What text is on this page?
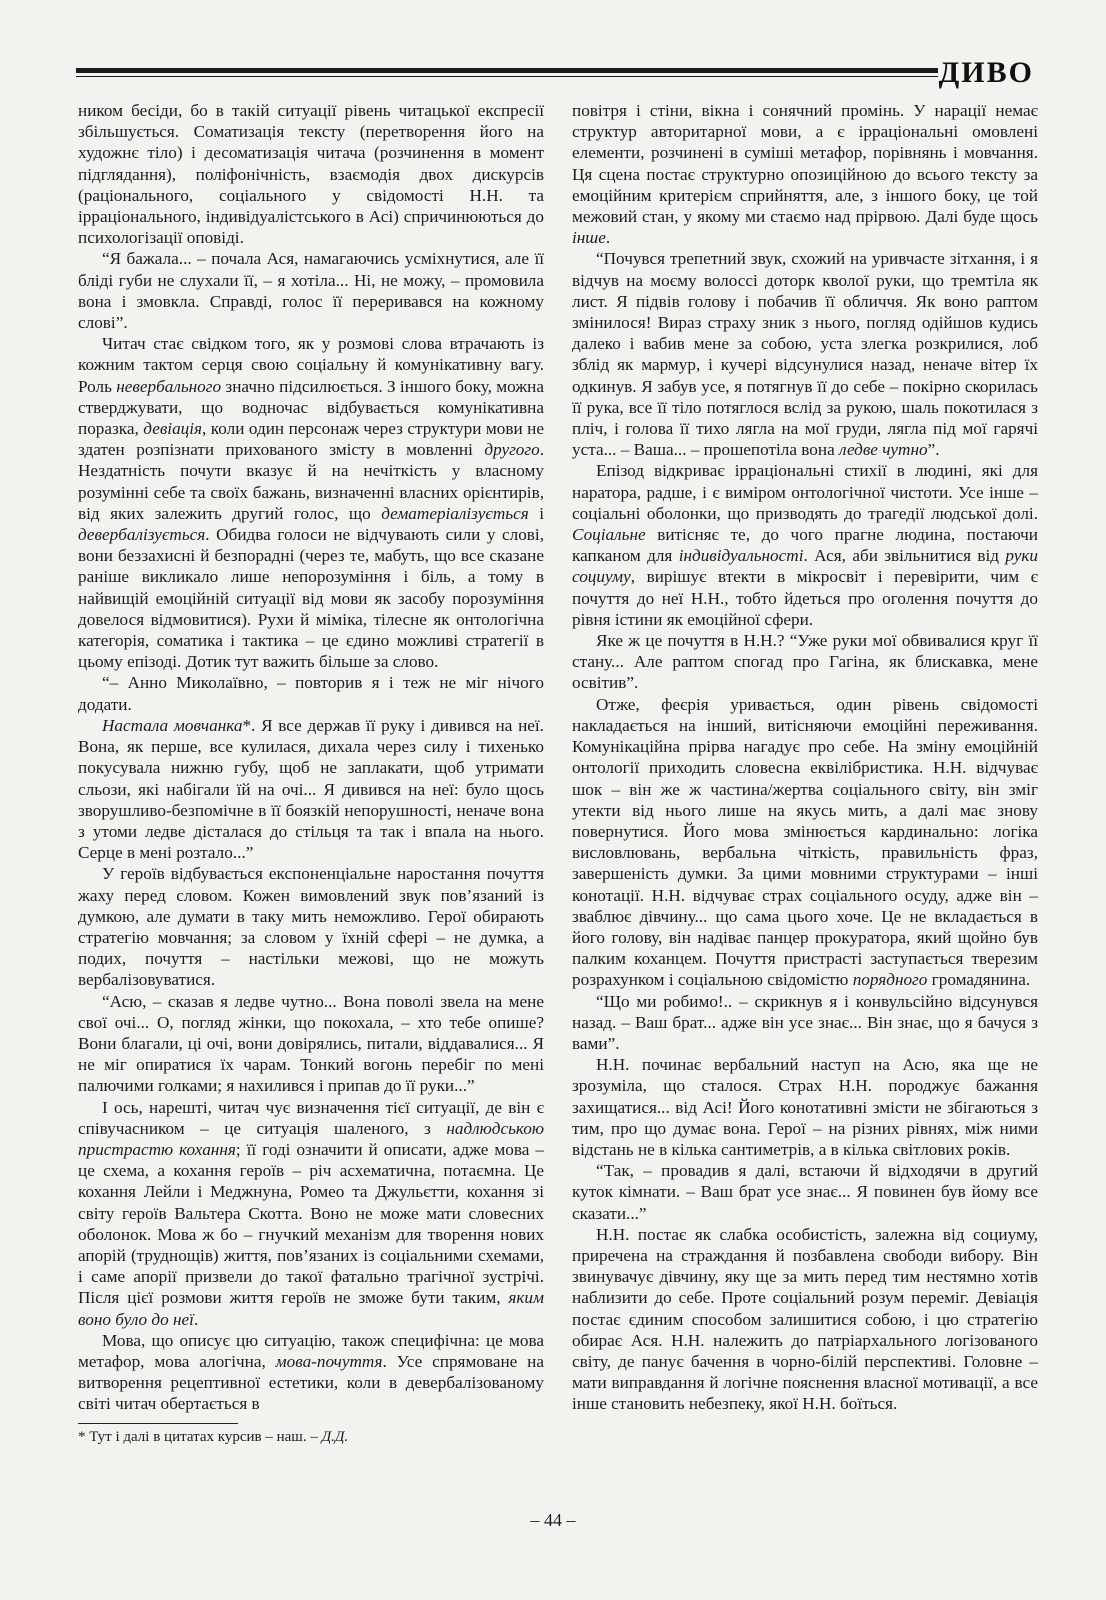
ДИВО

ником бесіди, бо в такій ситуації рівень читацької експресії збільшується. Соматизація тексту (перетворення його на художнє тіло) і десоматизація читача (розчинення в момент підглядання), поліфонічність, взаємодія двох дискурсів (раціонального, соціального у свідомості Н.Н. та ірраціонального, індивідуалістського в Асі) спричинюються до психологізації оповіді.

“Я бажала... – почала Ася, намагаючись усміхнутися, але її бліді губи не слухали її, – я хотіла... Ні, не можу, – промовила вона і змовкла. Справді, голос її переривався на кожному слові”.

Читач стає свідком того, як у розмові слова втрачають із кожним тактом серця свою соціальну й комунікативну вагу. Роль невербального значно підсилюється. З іншого боку, можна стверджувати, що водночас відбувається комунікативна поразка, девіація, коли один персонаж через структури мови не здатен розпізнати прихованого змісту в мовленні другого. Нездатність почути вказує й на нечіткість у власному розумінні себе та своїх бажань, визначенні власних орієнтирів, від яких залежить другий голос, що дематеріалізується і девербалізується. Обидва голоси не відчувають сили у слові, вони беззахисні й безпорадні (через те, мабуть, що все сказане раніше викликало лише непорозуміння і біль, а тому в найвищій емоційній ситуації від мови як засобу порозуміння довелося відмовитися). Рухи й міміка, тілесне як онтологічна категорія, соматика і тактика – це єдино можливі стратегії в цьому епізоді. Дотик тут важить більше за слово.

“– Анно Миколаївно, – повторив я і теж не міг нічого додати.

Настала мовчанка*. Я все держав її руку і дивився на неї. Вона, як перше, все кулилася, дихала через силу і тихенько покусувала нижню губу, щоб не заплакати, щоб утримати сльози, які набігали їй на очі... Я дивився на неї: було щось зворушливо-безпомічне в її боязкій непорушності, неначе вона з утоми ледве дісталася до стільця та так і впала на нього. Серце в мені розтало...”

У героїв відбувається експоненціальне наростання почуття жаху перед словом. Кожен вимовлений звук пов’язаний із думкою, але думати в таку мить неможливо. Герої обирають стратегію мовчання; за словом у їхній сфері – не думка, а подих, почуття – настільки межові, що не можуть вербалізовуватися.

“Асю, – сказав я ледве чутно... Вона поволі звела на мене свої очі... О, погляд жінки, що покохала, – хто тебе опише? Вони благали, ці очі, вони довірялись, питали, віддавалися... Я не міг опиратися їх чарам. Тонкий вогонь перебіг по мені палючими голками; я нахилився і припав до її руки...”

І ось, нарешті, читач чує визначення тієї ситуації, де він є співучасником – це ситуація шаленого, з надлюдською пристрастю кохання; її годі означити й описати, адже мова – це схема, а кохання героїв – річ асхематична, потаємна. Це кохання Лейли і Меджнуна, Ромео та Джульєтти, кохання зі світу героїв Вальтера Скотта. Воно не може мати словесних оболонок. Мова ж бо – гнучкий механізм для творення нових апорій (труднощів) життя, пов’язаних із соціальними схемами, і саме апорії призвели до такої фатально трагічної зустрічі. Після цієї розмови життя героїв не зможе бути таким, яким воно було до неї.

Мова, що описує цю ситуацію, також специфічна: це мова метафор, мова алогічна, мова-почуття. Усе спрямоване на витворення рецептивної естетики, коли в девербалізованому світі читач обертається в

* Тут і далі в цитатах курсив – наш. – Д.Д.

повітря і стіни, вікна і сонячний промінь. У нарації немає структур авторитарної мови, а є ірраціональні омовлені елементи, розчинені в суміші метафор, порівнянь і мовчання. Ця сцена постає структурно опозиційною до всього тексту за емоційним критерієм сприйняття, але, з іншого боку, це той межовий стан, у якому ми стаємо над прірвою. Далі буде щось інше.

“Почувся трепетний звук, схожий на уривчасте зітхання, і я відчув на моєму волоссі доторк кволої руки, що тремтіла як лист. Я підвів голову і побачив її обличчя. Як воно раптом змінилося! Вираз страху зник з нього, погляд одійшов кудись далеко і вабив мене за собою, уста злегка розкрилися, лоб зблід як мармур, і кучері відсунулися назад, неначе вітер їх одкинув. Я забув усе, я потягнув її до себе – покірно скорилась її рука, все її тіло потяглося вслід за рукою, шаль покотилася з пліч, і голова її тихо лягла на мої груди, лягла під мої гарячі уста... – Ваша... – прошепотіла вона ледве чутно”.

Епізод відкриває ірраціональні стихії в людині, які для наратора, радше, і є виміром онтологічної чистоти. Усе інше – соціальні оболонки, що призводять до трагедії людської долі. Соціальне витісняє те, до чого прагне людина, постаючи капканом для індивідуальності. Ася, аби звільнитися від руки социуму, вирішує втекти в мікросвіт і перевірити, чим є почуття до неї Н.Н., тобто йдеться про оголення почуття до рівня істини як емоційної сфери.

Яке ж це почуття в Н.Н.? “Уже руки мої обвивалися круг її стану... Але раптом спогад про Гагіна, як блискавка, мене освітив”.

Отже, феєрія уривається, один рівень свідомості накладається на інший, витісняючи емоційні переживання. Комунікаційна прірва нагадує про себе. На зміну емоційній онтології приходить словесна еквілібристика. Н.Н. відчуває шок – він же ж частина/жертва соціального світу, він зміг утекти від нього лише на якусь мить, а далі має знову повернутися. Його мова змінюється кардинально: логіка висловлювань, вербальна чіткість, правильність фраз, завершеність думки. За цими мовними структурами – інші конотації. Н.Н. відчуває страх соціального осуду, адже він – зваблює дівчину... що сама цього хоче. Це не вкладається в його голову, він надіває панцер прокуратора, який щойно був палким коханцем. Почуття пристрасті заступається тверезим розрахунком і соціальною свідомістю порядного громадянина.

“Що ми робимо!.. – скрикнув я і конвульсійно відсунувся назад. – Ваш брат... адже він усе знає... Він знає, що я бачуся з вами”.

Н.Н. починає вербальний наступ на Асю, яка ще не зрозуміла, що сталося. Страх Н.Н. породжує бажання захищатися... від Асі! Його конотативні змісти не збігаються з тим, про що думає вона. Герої – на різних рівнях, між ними відстань не в кілька сантиметрів, а в кілька світлових років.

“Так, – провадив я далі, встаючи й відходячи в другий куток кімнати. – Ваш брат усе знає... Я повинен був йому все сказати...”

Н.Н. постає як слабка особистість, залежна від социуму, приречена на страждання й позбавлена свободи вибору. Він звинувачує дівчину, яку ще за мить перед тим нестямно хотів наблизити до себе. Проте соціальний розум переміг. Девіація постає єдиним способом залишитися собою, і цю стратегію обирає Ася. Н.Н. належить до патріархального логізованого світу, де панує бачення в чорно-білій перспективі. Головне – мати виправдання й логічне пояснення власної мотивації, а все інше становить небезпеку, якої Н.Н. боїться.

– 44 –
